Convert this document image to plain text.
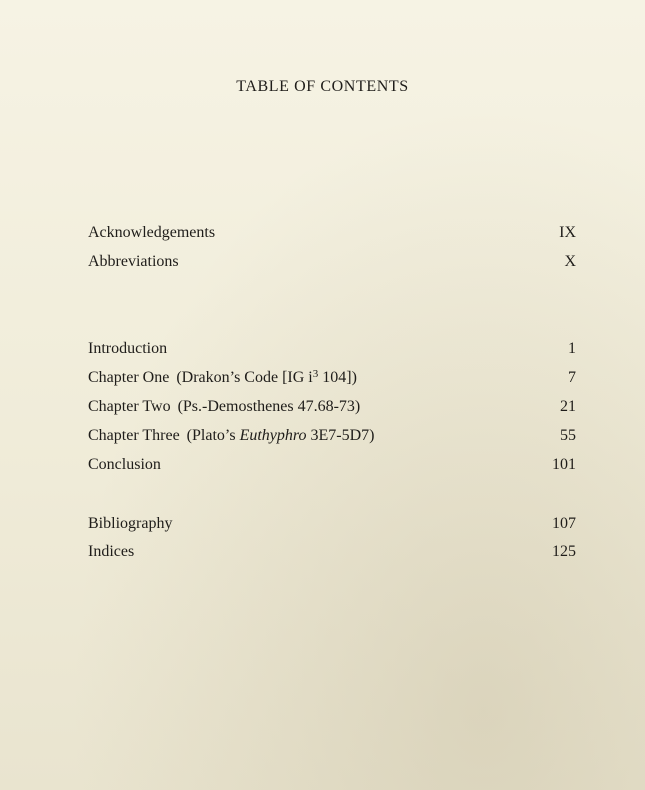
TABLE OF CONTENTS
Acknowledgements	IX
Abbreviations	X
Introduction	1
Chapter One (Drakon’s Code [IG $i^3$ 104])	7
Chapter Two (Ps.-Demosthenes 47.68-73)	21
Chapter Three (Plato’s Euthyphro 3E7-5D7)	55
Conclusion	101
Bibliography	107
Indices	125
